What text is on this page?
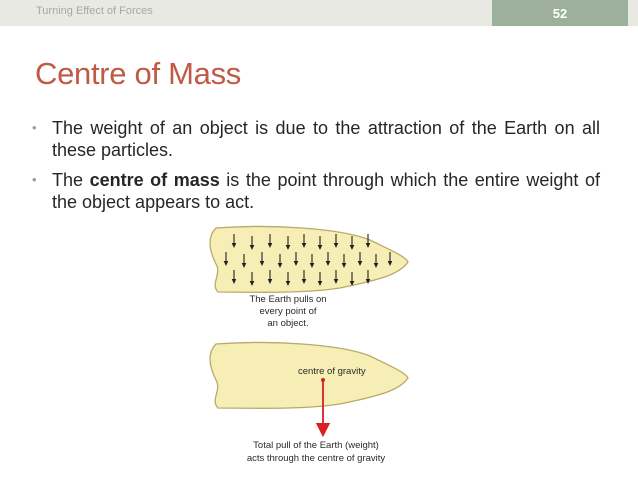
Turning Effect of Forces	52
Centre of Mass
• The weight of an object is due to the attraction of the Earth on all these particles.
• The centre of mass is the point through which the entire weight of the object appears to act.
The Earth pulls on
every point of
an object.
centre of gravity
Total pull of the Earth (weight)
acts through the centre of gravity
